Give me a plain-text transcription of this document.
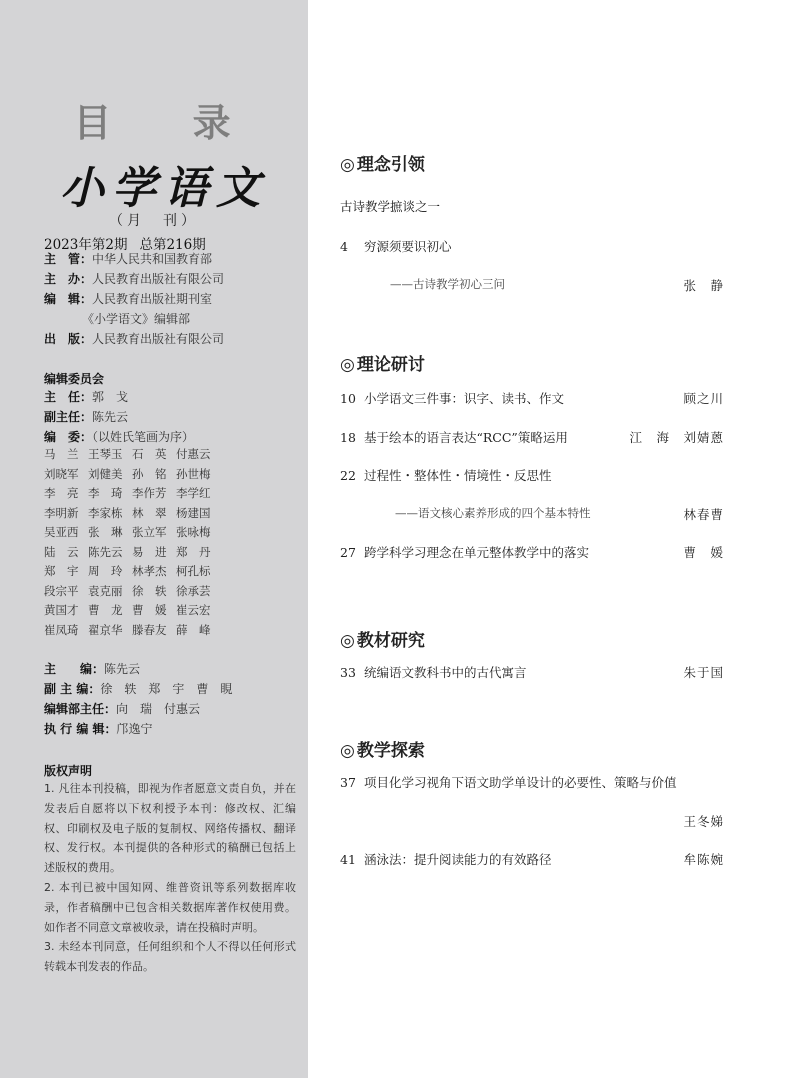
目 录
小学语文
（月　刊）
2023年第2期 总第216期
主　管：中华人民共和国教育部
主　办：人民教育出版社有限公司
编　辑：人民教育出版社期刊室
《小学语文》编辑部
出　版：人民教育出版社有限公司
编辑委员会
主　任：郭　戈
副主任：陈先云
编　委：（以姓氏笔画为序）
马　兰 王琴玉 石　英 付惠云
刘晓军 刘健美 孙　铭 孙世梅
李　亮 李　琦 李作芳 李学红
李明新 李家栋 林　翠 杨建国
吴亚西 张　琳 张立军 张咏梅
陆　云 陈先云 易　进 郑　丹
郑　宇 周　玲 林孝杰 柯孔标
段宗平 袁克丽 徐　轶 徐承芸
黄国才 曹　龙 曹　媛 崔云宏
崔凤琦 翟京华 滕春友 薛　峰
主　　编：陈先云
副 主 编：徐　轶　郑　宇　曹　睍
编辑部主任：向　瑞　付惠云
执 行 编 辑：邝逸宁
版权声明

1. 凡往本刊投稿，即视为作者愿意文责自负，并在发表后自愿将以下权利授予本刊：修改权、汇编权、印刷权及电子版的复制权、网络传播权、翻译权、发行权。本刊提供的各种形式的稿酬已包括上述版权的费用。

2. 本刊已被中国知网、维普资讯等系列数据库收录，作者稿酬中已包含相关数据库著作权使用费。如作者不同意文章被收录，请在投稿时声明。

3. 未经本刊同意，任何组织和个人不得以任何形式转载本刊发表的作品。

◎ 理念引领
古诗教学摭谈之一
4 穷源须要识初心
——古诗教学初心三问	张　静
◎ 理论研讨
10 小学语文三件事：识字、读书、作文	顾之川
18 基于绘本的语言表达“RCC”策略运用	江　海　刘婧蒽
22 过程性・整体性・情境性・反思性
——语文核心素养形成的四个基本特性	林春曹
27 跨学科学习理念在单元整体教学中的落实	曹　媛
◎ 教材研究
33 统编语文教科书中的古代寓言	朱于国
◎ 教学探索
37 项目化学习视角下语文助学单设计的必要性、策略与价值
王冬娣
41 涵泳法：提升阅读能力的有效路径	牟陈婉
